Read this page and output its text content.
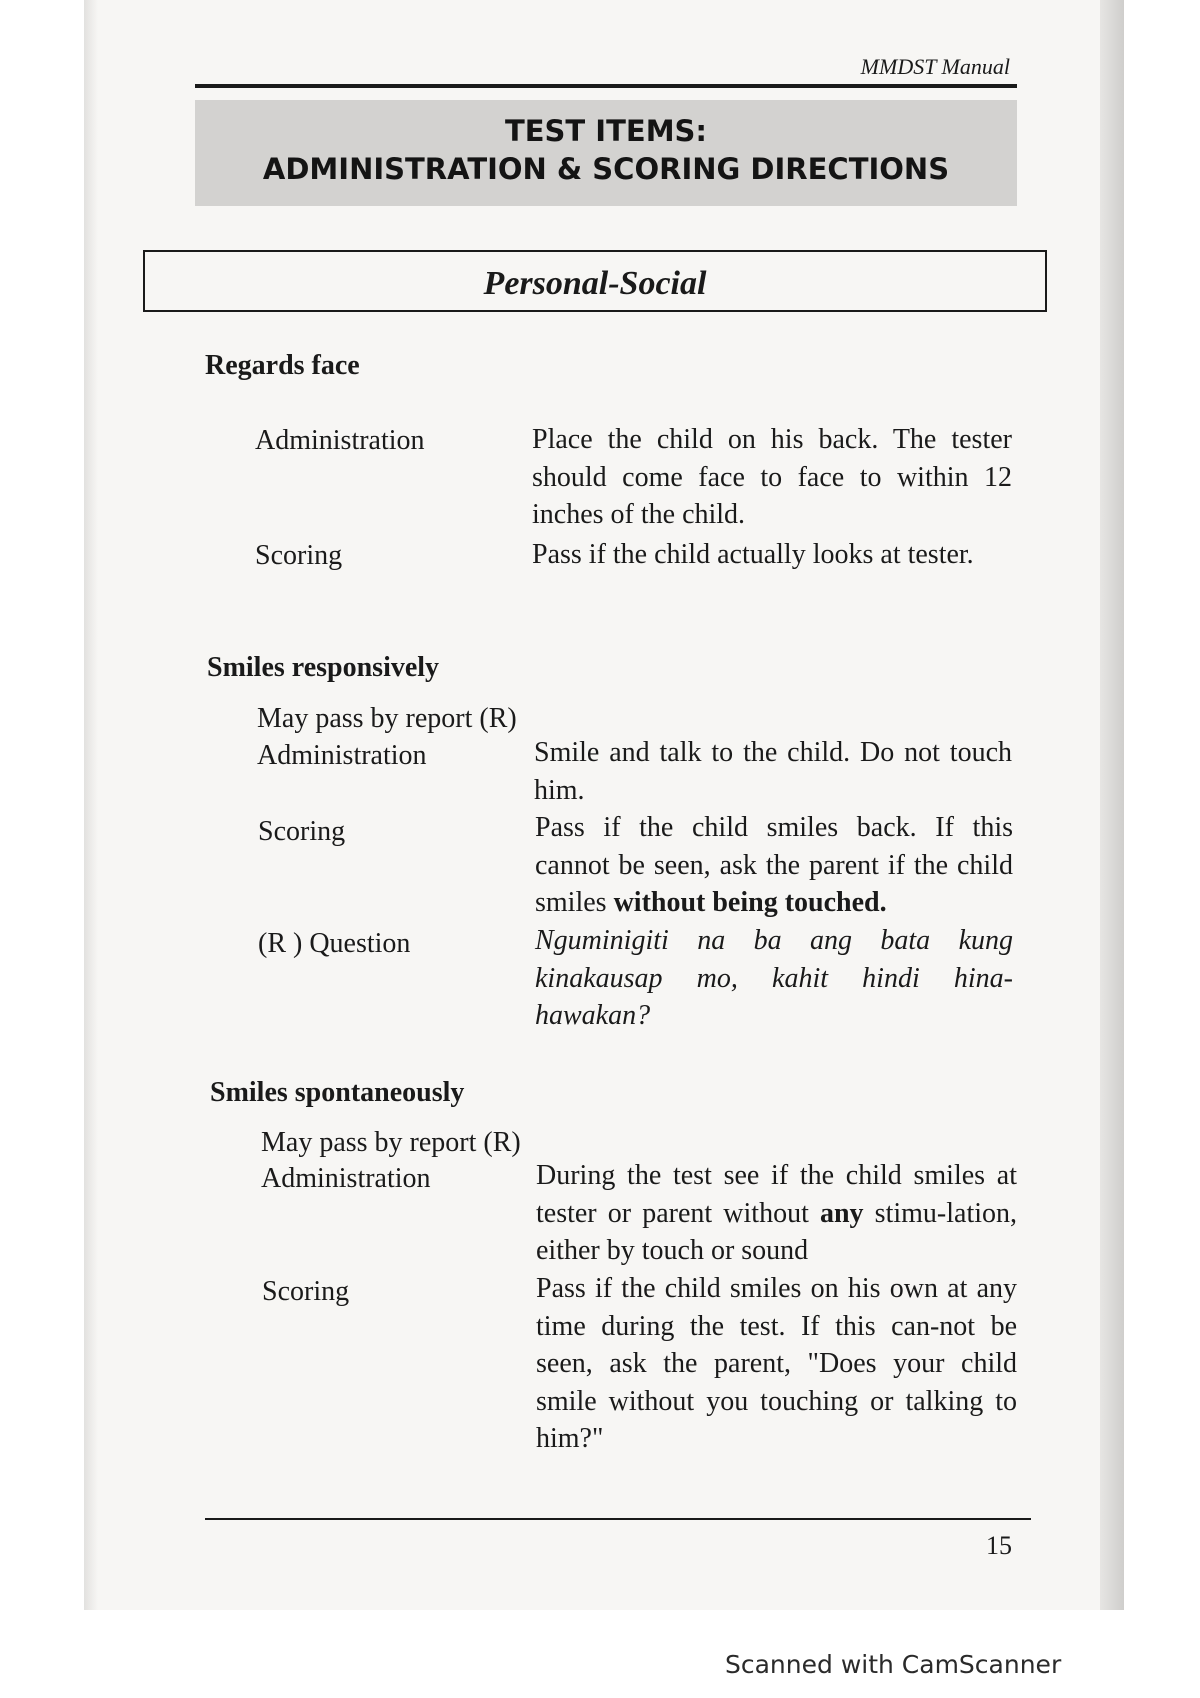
MMDST Manual
TEST ITEMS:
ADMINISTRATION & SCORING DIRECTIONS
Personal-Social
Regards face
Administration	Place the child on his back. The tester should come face to face to within 12 inches of the child.
Scoring	Pass if the child actually looks at tester.
Smiles responsively
May pass by report (R)
Administration	Smile and talk to the child. Do not touch him.
Scoring	Pass if the child smiles back. If this cannot be seen, ask the parent if the child smiles without being touched.
(R ) Question	Nguminigiti na ba ang bata kung kinakausap mo, kahit hindi hina-hawakan?
Smiles spontaneously
May pass by report (R)
Administration	During the test see if the child smiles at tester or parent without any stimu-lation, either by touch or sound
Scoring	Pass if the child smiles on his own at any time during the test. If this can-not be seen, ask the parent, "Does your child smile without you touching or talking to him?"
15
Scanned with CamScanner
